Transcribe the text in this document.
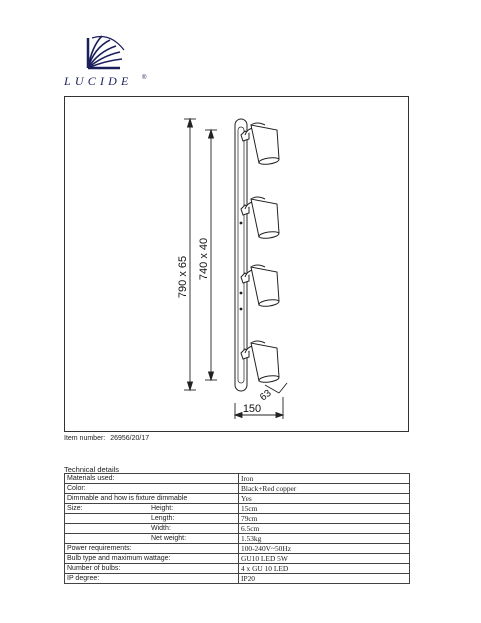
LUCIDE	®
790 x 65 740 x 40
63
150
Item number: 26956/20/17
Technical details
Materials used:	Iron
Color:	Black+Red copper
Dimmable and how is fixture dimmable	Yes
Size: Height:	15cm
Length:	79cm
Width:	6.5cm
Net weight:	1.53kg
Power requirements:	100-240V~50Hz
Bulb type and maximum wattage:	GU10 LED 5W
Number of bulbs:	4 x GU 10 LED
IP degree:	IP20
